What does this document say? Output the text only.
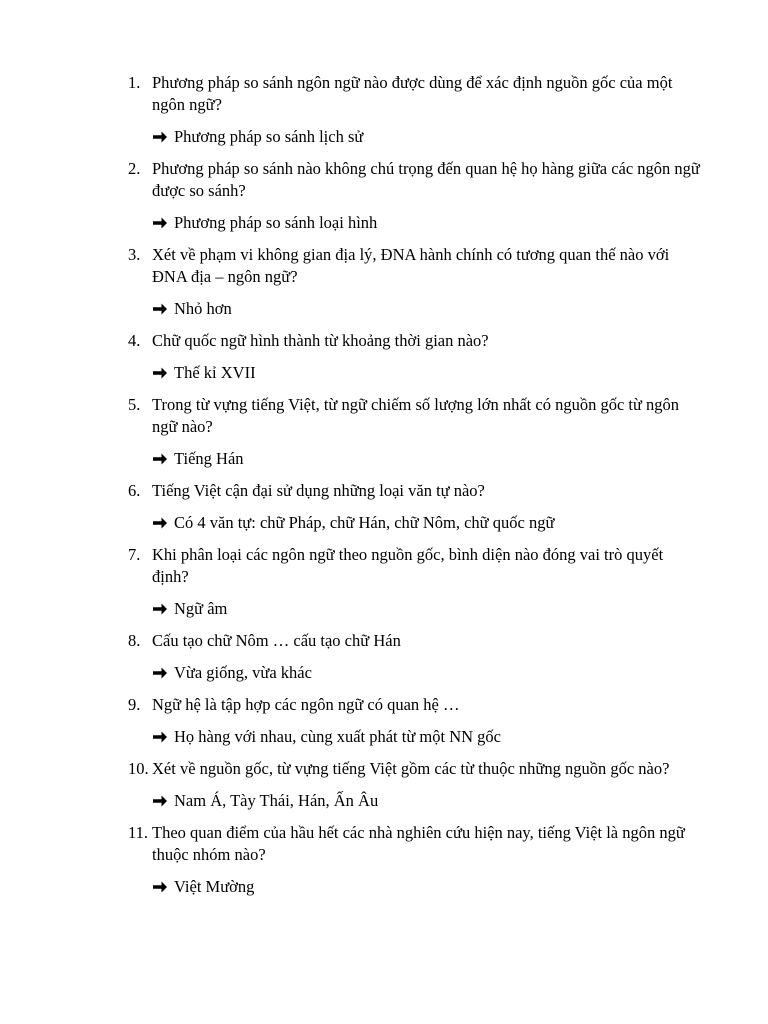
1. Phương pháp so sánh ngôn ngữ nào được dùng để xác định nguồn gốc của một ngôn ngữ?
Phương pháp so sánh lịch sử
2. Phương pháp so sánh nào không chú trọng đến quan hệ họ hàng giữa các ngôn ngữ được so sánh?
Phương pháp so sánh loại hình
3. Xét về phạm vi không gian địa lý, ĐNA hành chính có tương quan thế nào với ĐNA địa – ngôn ngữ?
Nhỏ hơn
4. Chữ quốc ngữ hình thành từ khoảng thời gian nào?
Thế kỉ XVII
5. Trong từ vựng tiếng Việt, từ ngữ chiếm số lượng lớn nhất có nguồn gốc từ ngôn ngữ nào?
Tiếng Hán
6. Tiếng Việt cận đại sử dụng những loại văn tự nào?
Có 4 văn tự: chữ Pháp, chữ Hán, chữ Nôm, chữ quốc ngữ
7. Khi phân loại các ngôn ngữ theo nguồn gốc, bình diện nào đóng vai trò quyết định?
Ngữ âm
8. Cấu tạo chữ Nôm … cấu tạo chữ Hán
Vừa giống, vừa khác
9. Ngữ hệ là tập hợp các ngôn ngữ có quan hệ …
Họ hàng với nhau, cùng xuất phát từ một NN gốc
10. Xét về nguồn gốc, từ vựng tiếng Việt gồm các từ thuộc những nguồn gốc nào?
Nam Á, Tày Thái, Hán, Ấn Âu
11. Theo quan điểm của hầu hết các nhà nghiên cứu hiện nay, tiếng Việt là ngôn ngữ thuộc nhóm nào?
Việt Mường
